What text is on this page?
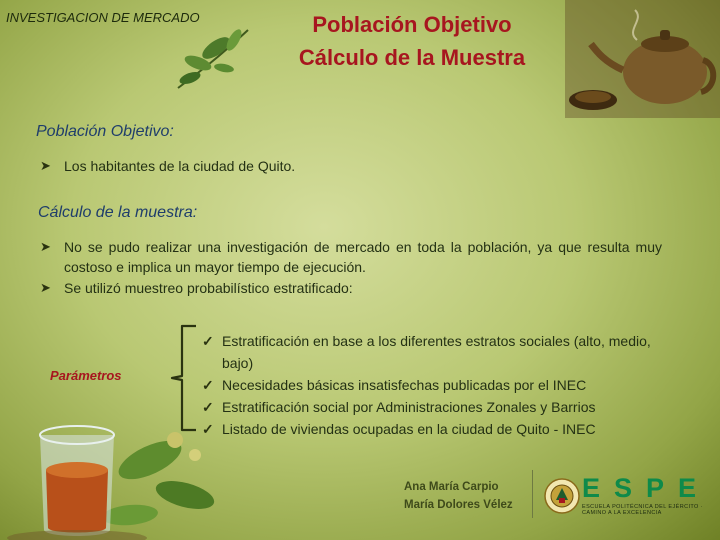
INVESTIGACION DE MERCADO	Población Objetivo
Cálculo de la Muestra
Población Objetivo:
➤ Los habitantes de la ciudad de Quito.
Cálculo de la muestra:
➤ No se pudo realizar una investigación de mercado en toda la población, ya que resulta muy costoso e implica un mayor tiempo de ejecución.
➤ Se utilizó muestreo probabilístico estratificado:
Parámetros
✓ Estratificación en base a los diferentes estratos sociales (alto, medio, bajo)
✓ Necesidades básicas insatisfechas publicadas por el INEC
✓ Estratificación social por Administraciones Zonales y Barrios
✓ Listado de viviendas ocupadas en la ciudad de Quito - INEC
Ana María Carpio
María Dolores Vélez
E S P E
ESCUELA POLITÉCNICA DEL EJÉRCITO · CAMINO A LA EXCELENCIA
